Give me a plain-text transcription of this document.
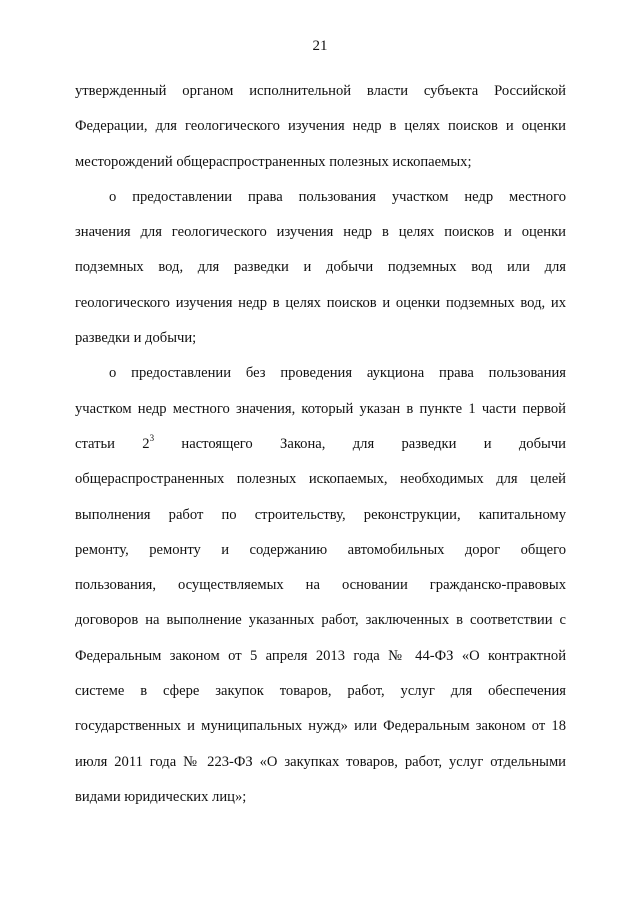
21

утвержденный органом исполнительной власти субъекта Российской
Федерации, для геологического изучения недр в целях поисков и оценки
месторождений общераспространенных полезных ископаемых;

о предоставлении права пользования участком недр местного
значения для геологического изучения недр в целях поисков и оценки
подземных вод, для разведки и добычи подземных вод или для
геологического изучения недр в целях поисков и оценки подземных вод, их
разведки и добычи;

о предоставлении без проведения аукциона права пользования
участком недр местного значения, который указан в пункте 1 части первой
статьи $2^3$ настоящего Закона, для разведки и добычи
общераспространенных полезных ископаемых, необходимых для целей
выполнения работ по строительству, реконструкции, капитальному
ремонту, ремонту и содержанию автомобильных дорог общего
пользования, осуществляемых на основании гражданско-правовых
договоров на выполнение указанных работ, заключенных в соответствии с
Федеральным законом от 5 апреля 2013 года № 44-ФЗ «О контрактной
системе в сфере закупок товаров, работ, услуг для обеспечения
государственных и муниципальных нужд» или Федеральным законом от 18
июля 2011 года № 223-ФЗ «О закупках товаров, работ, услуг отдельными
видами юридических лиц»;
